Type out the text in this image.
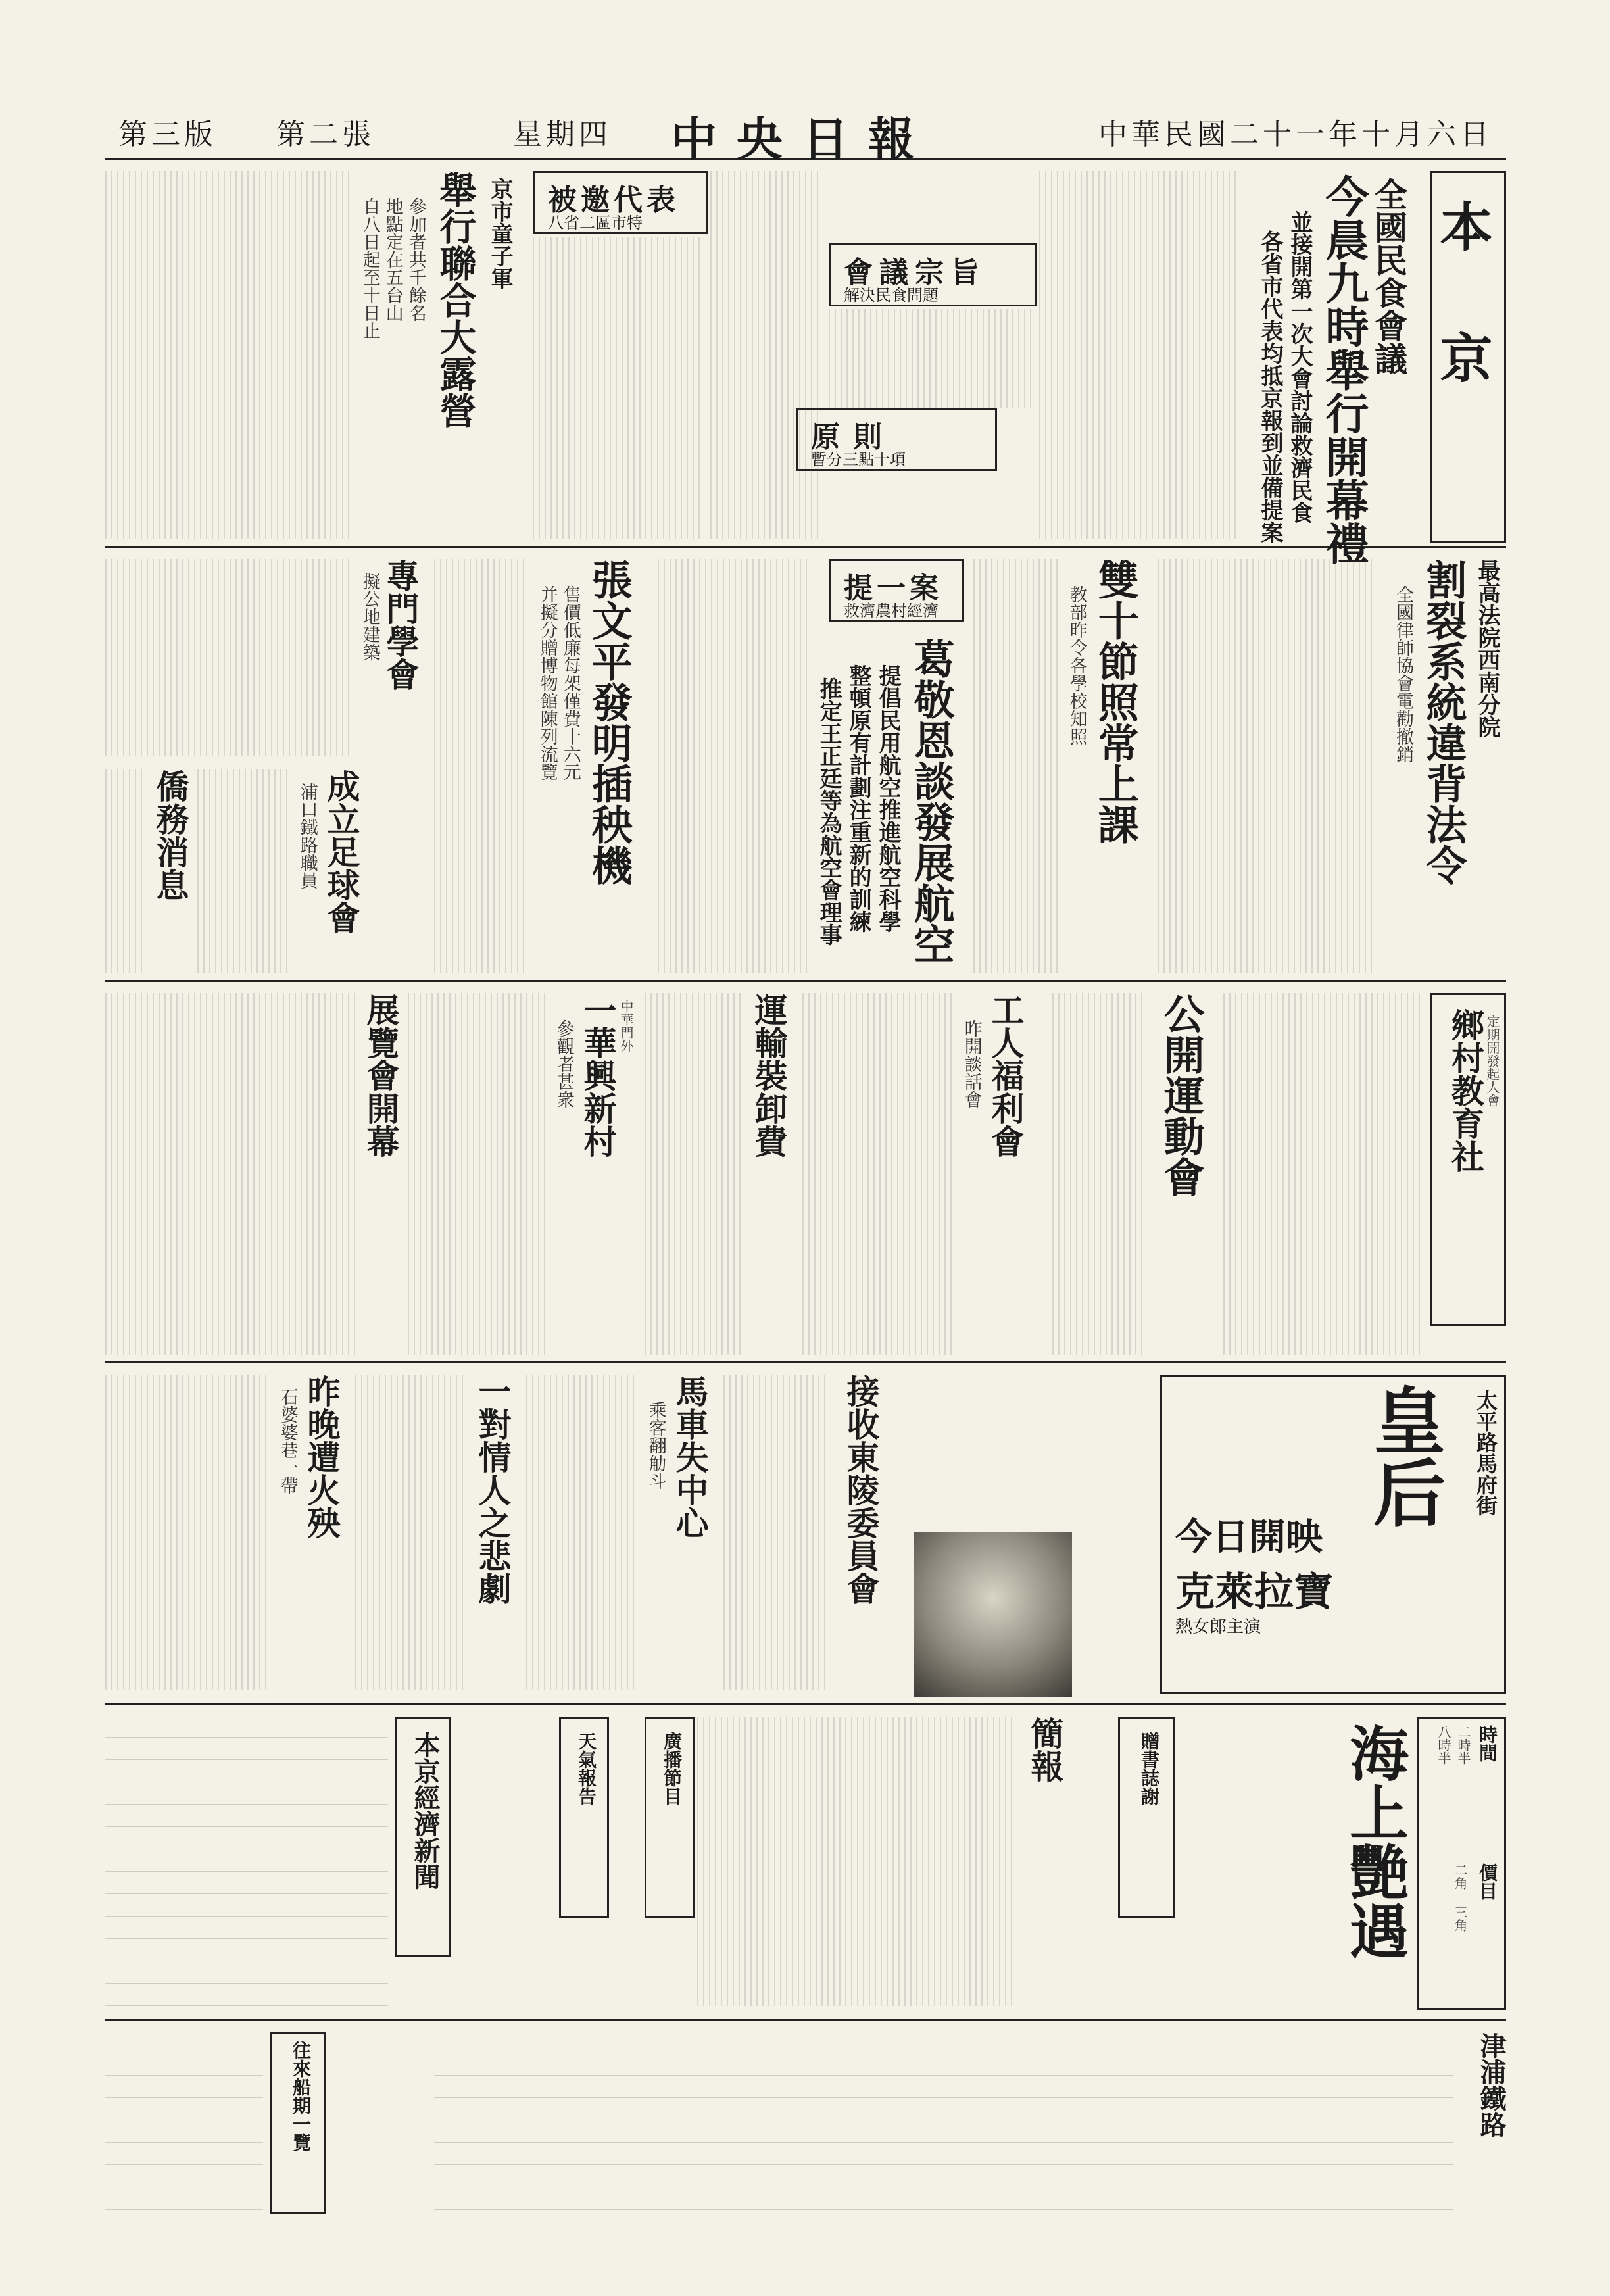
中華民國二十一年十月六日
中央日報
星期四
第二張
第三版
本京
全國民食會議
今晨九時舉行開幕禮
並接開第一次大會討論救濟民食
各省市代表均抵京報到並備提案
會議宗旨
解決民食問題
原則
暫分三點十項
被邀代表
八省二區市特
京市童子軍
舉行聯合大露營
參加者共千餘名
地點定在五台山
自八日起至十日止
最高法院西南分院
割裂系統違背法令
全國律師協會電勸撤銷
雙十節照常上課
教部昨令各學校知照
提一案
救濟農村經濟
葛敬恩談發展航空
提倡民用航空推進航空科學
整頓原有計劃注重新的訓練
推定王正廷等為航空會理事
張文平發明插秧機
售價低廉每架僅費十六元
并擬分贈博物館陳列流覽
專門學會
擬公地建築
成立足球會
浦口鐵路職員
僑務消息
鄉村教育社 定期開發起人會
公開運動會
工人福利會
昨開談話會
運輸裝卸費
中華門外
一華興新村
參觀者甚衆
展覽會開幕
太平路馬府街
皇后
今日開映
克萊拉寶
熱女郎主演
接收東陵委員會
馬車失中心
乘客翻觔斗
一對情人之悲劇
昨晚遭火殃
石婆婆巷一帶
時間
二時半
八時半
價目
二角 三角
海上艷遇
贈書誌謝
簡報
廣播節目
天氣報告
本京經濟新聞
津浦鐵路
往來船期一覽
